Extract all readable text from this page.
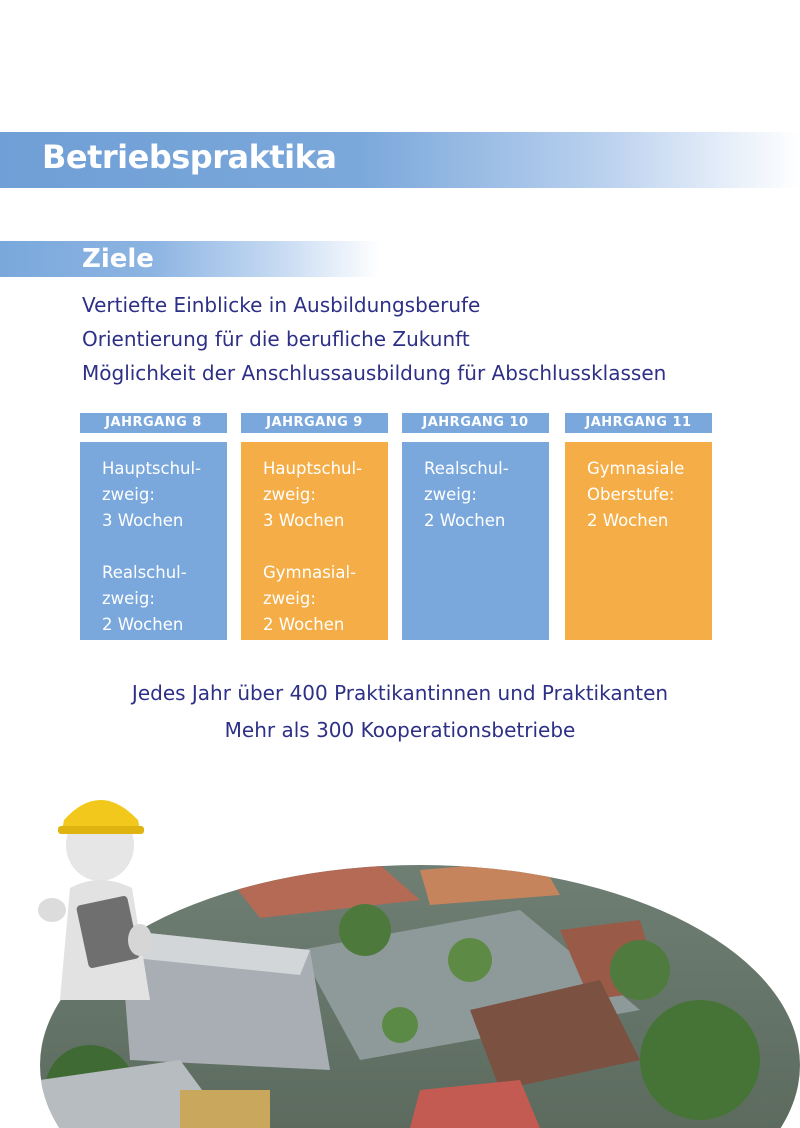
Betriebspraktika
Ziele
Vertiefte Einblicke in Ausbildungsberufe
Orientierung für die berufliche Zukunft
Möglichkeit der Anschlussausbildung für Abschlussklassen
JAHRGANG 8
Hauptschul-
zweig:
3 Wochen
Realschul-
zweig:
2 Wochen
JAHRGANG 9
Hauptschul-
zweig:
3 Wochen
Gymnasial-
zweig:
2 Wochen
JAHRGANG 10
Realschul-
zweig:
2 Wochen
JAHRGANG 11
Gymnasiale
Oberstufe:
2 Wochen
Jedes Jahr über 400 Praktikantinnen und Praktikanten
Mehr als 300 Kooperationsbetriebe
